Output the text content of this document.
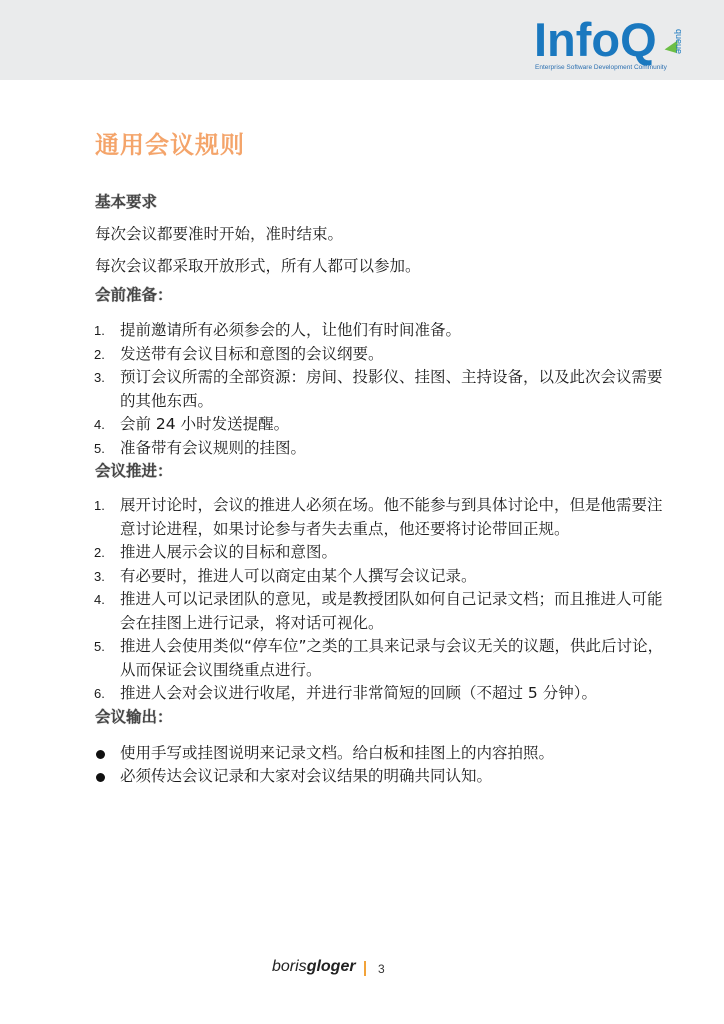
InfoQ queue
Enterprise Software Development Community
通用会议规则

基本要求

每次会议都要准时开始，准时结束。

每次会议都采取开放形式，所有人都可以参加。

会前准备：

1. 提前邀请所有必须参会的人，让他们有时间准备。
2. 发送带有会议目标和意图的会议纲要。
3. 预订会议所需的全部资源：房间、投影仪、挂图、主持设备，以及此次会议需要的其他东西。
4. 会前 24 小时发送提醒。
5. 准备带有会议规则的挂图。

会议推进：

1. 展开讨论时，会议的推进人必须在场。他不能参与到具体讨论中，但是他需要注意讨论进程，如果讨论参与者失去重点，他还要将讨论带回正规。
2. 推进人展示会议的目标和意图。
3. 有必要时，推进人可以商定由某个人撰写会议记录。
4. 推进人可以记录团队的意见，或是教授团队如何自己记录文档；而且推进人可能会在挂图上进行记录，将对话可视化。
5. 推进人会使用类似“停车位”之类的工具来记录与会议无关的议题，供此后讨论，从而保证会议围绕重点进行。
6. 推进人会对会议进行收尾，并进行非常简短的回顾（不超过 5 分钟）。

会议输出：

使用手写或挂图说明来记录文档。给白板和挂图上的内容拍照。
必须传达会议记录和大家对会议结果的明确共同认知。
borisgloger 3
